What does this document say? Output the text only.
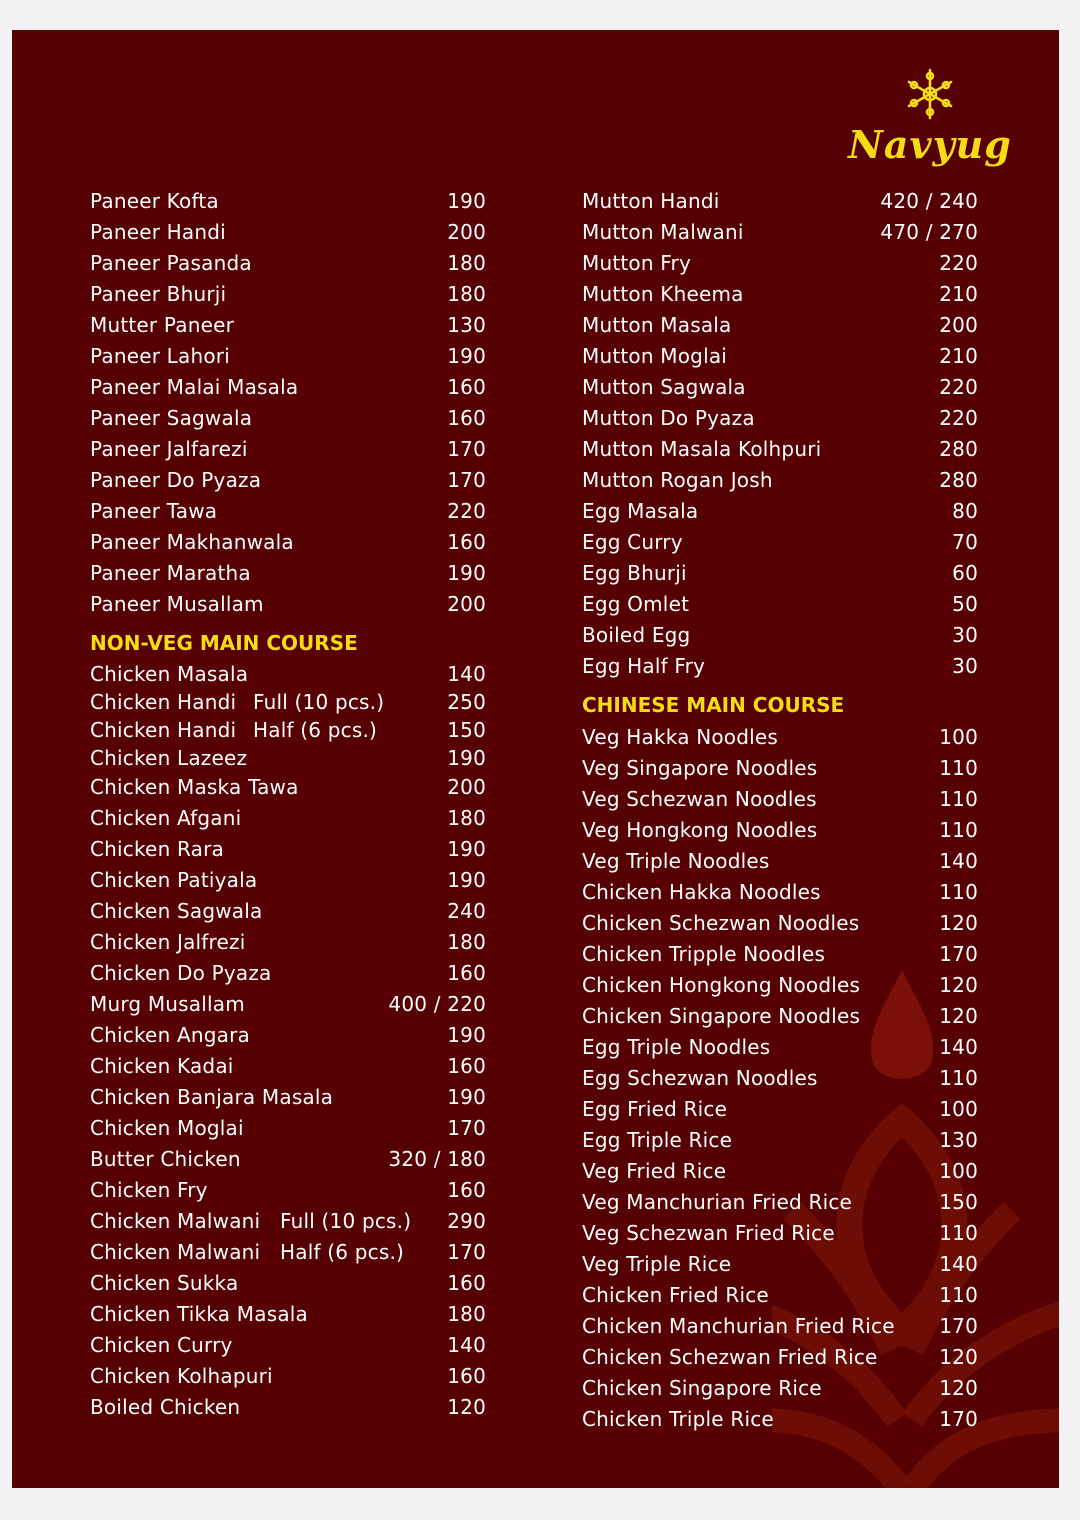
Navyug
Paneer Kofta	190
Paneer Handi	200
Paneer Pasanda	180
Paneer Bhurji	180
Mutter Paneer	130
Paneer Lahori	190
Paneer Malai Masala	160
Paneer Sagwala	160
Paneer Jalfarezi	170
Paneer Do Pyaza	170
Paneer Tawa	220
Paneer Makhanwala	160
Paneer Maratha	190
Paneer Musallam	200
NON-VEG MAIN COURSE
Chicken Masala	140
Chicken Handi Full (10 pcs.)	250
Chicken Handi Half (6 pcs.)	150
Chicken Lazeez	190
Chicken Maska Tawa	200
Chicken Afgani	180
Chicken Rara	190
Chicken Patiyala	190
Chicken Sagwala	240
Chicken Jalfrezi	180
Chicken Do Pyaza	160
Murg Musallam	400 / 220
Chicken Angara	190
Chicken Kadai	160
Chicken Banjara Masala	190
Chicken Moglai	170
Butter Chicken	320 / 180
Chicken Fry	160
Chicken Malwani Full (10 pcs.) 290
Chicken Malwani Half (6 pcs.) 170
Chicken Sukka	160
Chicken Tikka Masala	180
Chicken Curry	140
Chicken Kolhapuri	160
Boiled Chicken	120
Mutton Handi	420 / 240
Mutton Malwani	470 / 270
Mutton Fry	220
Mutton Kheema	210
Mutton Masala	200
Mutton Moglai	210
Mutton Sagwala	220
Mutton Do Pyaza	220
Mutton Masala Kolhpuri	280
Mutton Rogan Josh	280
Egg Masala	80
Egg Curry	70
Egg Bhurji	60
Egg Omlet	50
Boiled Egg	30
Egg Half Fry	30
CHINESE MAIN COURSE
Veg Hakka Noodles	100
Veg Singapore Noodles	110
Veg Schezwan Noodles	110
Veg Hongkong Noodles	110
Veg Triple Noodles	140
Chicken Hakka Noodles	110
Chicken Schezwan Noodles	120
Chicken Tripple Noodles	170
Chicken Hongkong Noodles	120
Chicken Singapore Noodles	120
Egg Triple Noodles	140
Egg Schezwan Noodles	110
Egg Fried Rice	100
Egg Triple Rice	130
Veg Fried Rice	100
Veg Manchurian Fried Rice	150
Veg Schezwan Fried Rice	110
Veg Triple Rice	140
Chicken Fried Rice	110
Chicken Manchurian Fried Rice 170
Chicken Schezwan Fried Rice	120
Chicken Singapore Rice	120
Chicken Triple Rice	170
